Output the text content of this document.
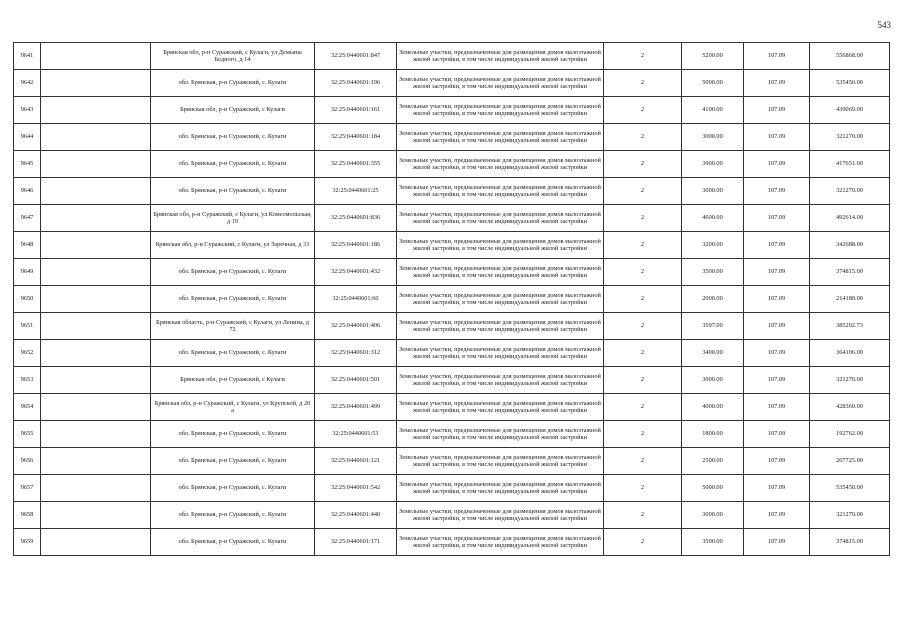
543
9641		Брянская обл, р-н Суражский, с Кулаги, ул Демьяна Бедного, д 14	32:25:0440601:847	Земельные участки, предназначенные для размещения домов малоэтажной жилой застройки, в том числе индивидуальной жилой застройки	2	5200.00	107.09	556868.00
9642		обл. Брянская, р-н Суражский, с. Кулаги	32:25:0440601:196	Земельные участки, предназначенные для размещения домов малоэтажной жилой застройки, в том числе индивидуальной жилой застройки	2	5000.00	107.09	535450.00
9643		Брянская обл, р-н Суражский, с Кулаги	32:25:0440601:161	Земельные участки, предназначенные для размещения домов малоэтажной жилой застройки, в том числе индивидуальной жилой застройки	2	4100.00	107.09	439069.00
9644		обл. Брянская, р-н Суражский, с. Кулаги	32:25:0440601:184	Земельные участки, предназначенные для размещения домов малоэтажной жилой застройки, в том числе индивидуальной жилой застройки	2	3000.00	107.09	321270.00
9645		обл. Брянская, р-н Суражский, с. Кулаги	32:25:0440601:355	Земельные участки, предназначенные для размещения домов малоэтажной жилой застройки, в том числе индивидуальной жилой застройки	2	3900.00	107.09	417651.00
9646		обл. Брянская, р-н Суражский, с. Кулаги	32:25:0440601:25	Земельные участки, предназначенные для размещения домов малоэтажной жилой застройки, в том числе индивидуальной жилой застройки	2	3000.00	107.09	321270.00
9647		Брянская обл, р-н Суражский, с Кулаги, ул Комсомольская, д 19	32:25:0440601:836	Земельные участки, предназначенные для размещения домов малоэтажной жилой застройки, в том числе индивидуальной жилой застройки	2	4600.00	107.09	492614.00
9648		Брянская обл, р-н Суражский, с Кулаги, ул Заречная, д 33	32:25:0440601:186	Земельные участки, предназначенные для размещения домов малоэтажной жилой застройки, в том числе индивидуальной жилой застройки	2	3200.00	107.09	342688.00
9649		обл. Брянская, р-н Суражский, с. Кулаги	32:25:0440601:432	Земельные участки, предназначенные для размещения домов малоэтажной жилой застройки, в том числе индивидуальной жилой застройки	2	3500.00	107.09	374815.00
9650		обл. Брянская, р-н Суражский, с. Кулаги	32:25:0440601:60	Земельные участки, предназначенные для размещения домов малоэтажной жилой застройки, в том числе индивидуальной жилой застройки	2	2000.00	107.09	214180.00
9651		Брянская область, р-н Суражский, с Кулаги, ул Ленина, д 72	32:25:0440601:406	Земельные участки, предназначенные для размещения домов малоэтажной жилой застройки, в том числе индивидуальной жилой застройки	2	3597.00	107.09	385202.73
9652		обл. Брянская, р-н Суражский, с. Кулаги	32:25:0440601:312	Земельные участки, предназначенные для размещения домов малоэтажной жилой застройки, в том числе индивидуальной жилой застройки	2	3400.00	107.09	364106.00
9653		Брянская обл, р-н Суражский, с Кулаги	32:25:0440601:501	Земельные участки, предназначенные для размещения домов малоэтажной жилой застройки, в том числе индивидуальной жилой застройки	2	3000.00	107.09	321270.00
9654		Брянская обл, р-н Суражский, с Кулаги, ул Крупской, д 20 а	32:25:0440601:499	Земельные участки, предназначенные для размещения домов малоэтажной жилой застройки, в том числе индивидуальной жилой застройки	2	4000.00	107.09	428360.00
9655		обл. Брянская, р-н Суражский, с. Кулаги	32:25:0440601:53	Земельные участки, предназначенные для размещения домов малоэтажной жилой застройки, в том числе индивидуальной жилой застройки	2	1800.00	107.09	192762.00
9656		обл. Брянская, р-н Суражский, с. Кулаги	32:25:0440601:121	Земельные участки, предназначенные для размещения домов малоэтажной жилой застройки, в том числе индивидуальной жилой застройки	2	2500.00	107.09	267725.00
9657		обл. Брянская, р-н Суражский, с. Кулаги	32:25:0440601:542	Земельные участки, предназначенные для размещения домов малоэтажной жилой застройки, в том числе индивидуальной жилой застройки	2	5000.00	107.09	535450.00
9658		обл. Брянская, р-н Суражский, с. Кулаги	32:25:0440601:440	Земельные участки, предназначенные для размещения домов малоэтажной жилой застройки, в том числе индивидуальной жилой застройки	2	3000.00	107.09	321270.00
9659		обл. Брянская, р-н Суражский, с. Кулаги	32:25:0440601:171	Земельные участки, предназначенные для размещения домов малоэтажной жилой застройки, в том числе индивидуальной жилой застройки	2	3500.00	107.09	374815.00
